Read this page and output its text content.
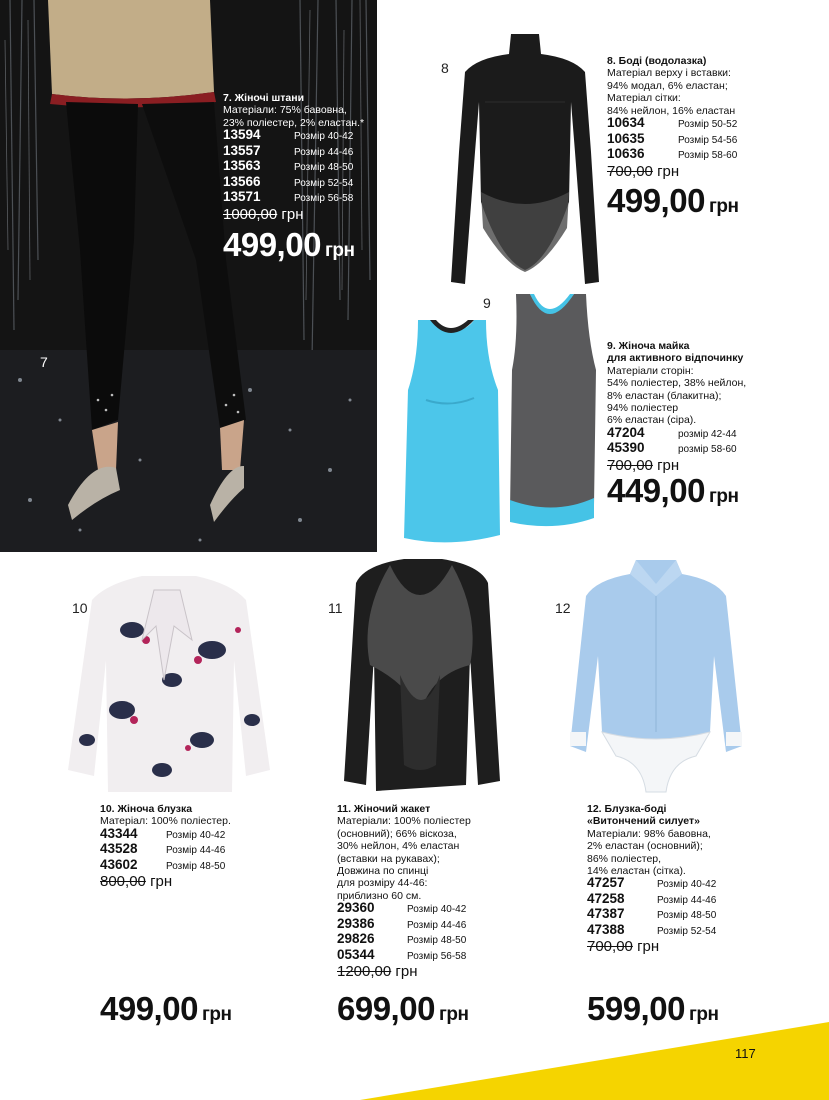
7
7. Жіночі штани
Матеріали: 75% бавовна,
23% поліестер, 2% еластан.*
13594	Розмір 40-42
13557	Розмір 44-46
13563	Розмір 48-50
13566	Розмір 52-54
13571	Розмір 56-58
1000,00 грн
499,00 грн
8	8. Боді (водолазка)
Матеріал верху і вставки:
94% модал, 6% еластан;
Матеріал сітки:
84% нейлон, 16% еластан
10634	Розмір 50-52
10635	Розмір 54-56
10636	Розмір 58-60
700,00 грн
499,00 грн
9
9. Жіноча майка
для активного відпочинку
Матеріали сторін:
54% поліестер, 38% нейлон,
8% еластан (блакитна);
94% поліестер
6% еластан (сіра).
47204	розмір 42-44
45390	розмір 58-60
700,00 грн
449,00 грн
10
10. Жіноча блузка
Матеріал: 100% поліестер.
43344	Розмір 40-42
43528	Розмір 44-46
43602	Розмір 48-50
800,00 грн
499,00 грн
11
11. Жіночий жакет
Матеріали: 100% поліестер
(основний); 66% віскоза,
30% нейлон, 4% еластан
(вставки на рукавах);
Довжина по спинці
для розміру 44-46:
приблизно 60 см.
29360	Розмір 40-42
29386	Розмір 44-46
29826	Розмір 48-50
05344	Розмір 56-58
1200,00 грн
699,00 грн
12
12. Блузка-боді
«Витончений силует»
Матеріали: 98% бавовна,
2% еластан (основний);
86% поліестер,
14% еластан (сітка).
47257	Розмір 40-42
47258	Розмір 44-46
47387	Розмір 48-50
47388	Розмір 52-54
700,00 грн
599,00 грн
117
